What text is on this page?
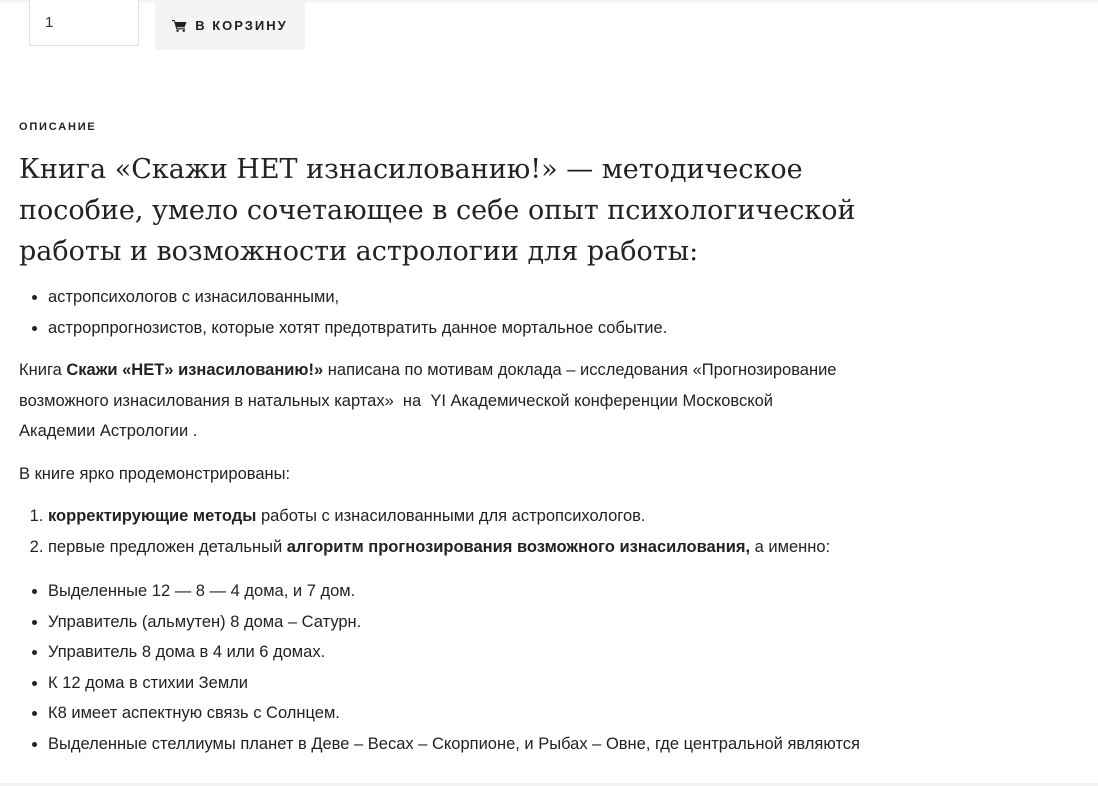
1
В КОРЗИНУ
ОПИСАНИЕ
Книга «Скажи НЕТ изнасилованию!» — методическое
пособие, умело сочетающее в себе опыт психологической
работы и возможности астрологии для работы:
• астропсихологов с изнасилованными,
• астрорпрогнозистов, которые хотят предотвратить данное мортальное событие.

Книга Скажи «НЕТ» изнасилованию!» написана по мотивам доклада – исследования «Прогнозирование
возможного изнасилования в натальных картах»  на  YI Академической конференции Московской
Академии Астрологии .

В книге ярко продемонстрированы:

1. корректирующие методы работы с изнасилованными для астропсихологов.
2. первые предложен детальный алгоритм прогнозирования возможного изнасилования, а именно:
• Выделенные 12 — 8 — 4 дома, и 7 дом.
• Управитель (альмутен) 8 дома – Сатурн.
• Управитель 8 дома в 4 или 6 домах.
• К 12 дома в стихии Земли
• К8 имеет аспектную связь с Солнцем.
• Выделенные стеллиумы планет в Деве – Весах – Скорпионе, и Рыбах – Овне, где центральной являются
